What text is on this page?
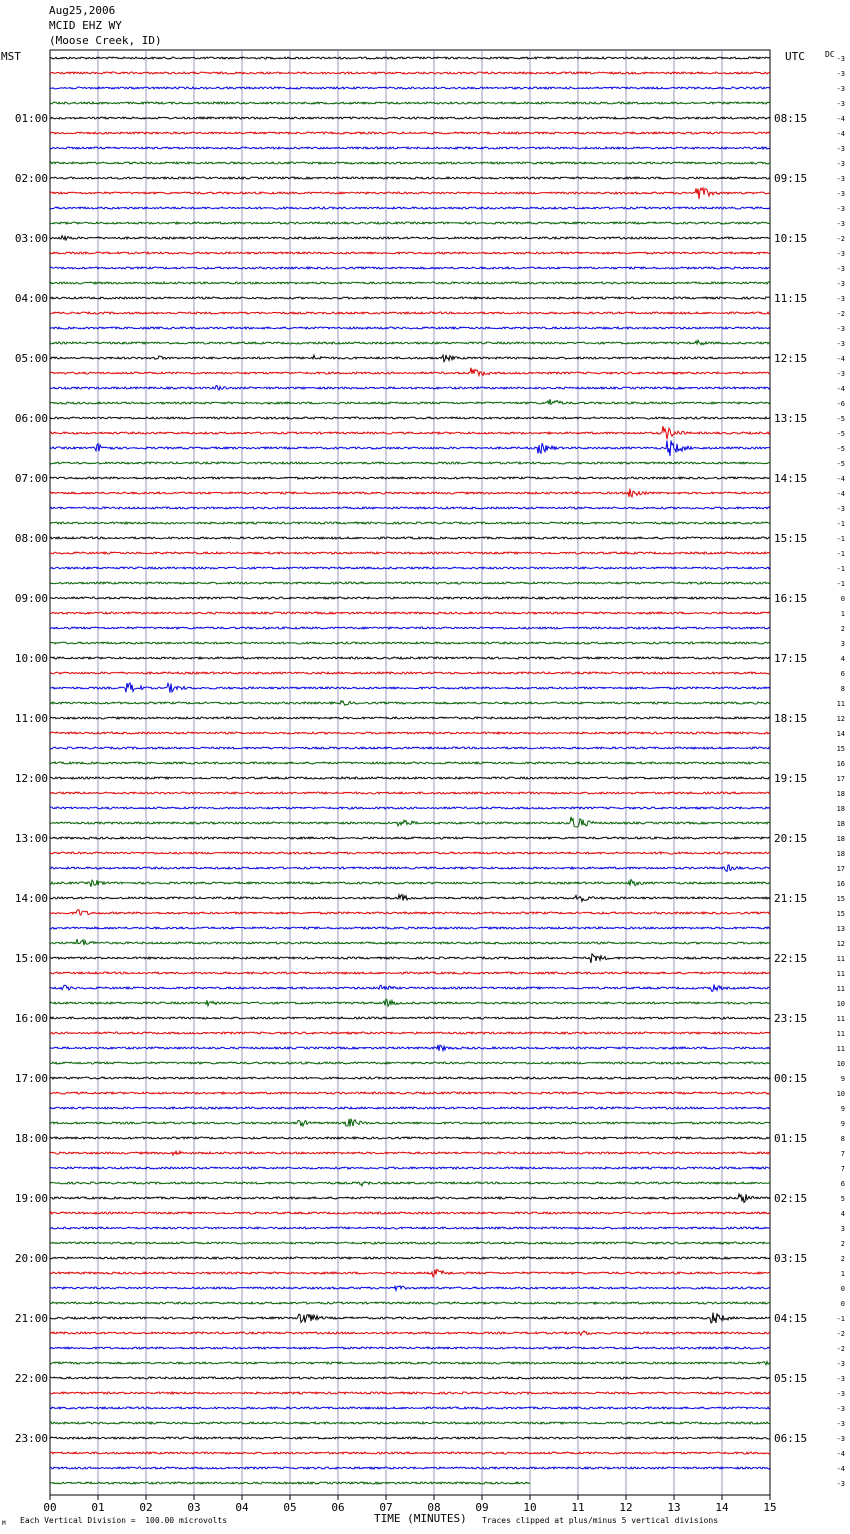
Aug25,2006
MCID EHZ WY
(Moose Creek, ID)
MST	UTC	DC
00	01	02	03	04	05	06	07	08	09	10	11	12	13	14	15
01:00
02:00
03:00
04:00
05:00
06:00
07:00
08:00
09:00
10:00
11:00
12:00
13:00
14:00
15:00
16:00
17:00
18:00
19:00
20:00
21:00
22:00
23:00
08:15
09:15
10:15
11:15
12:15
13:15
14:15
15:15
16:15
17:15
18:15
19:15
20:15
21:15
22:15
23:15
00:15
01:15
02:15
03:15
04:15
05:15
06:15
-3
-3
-3
-3
-4
-4
-3
-3
-3
-3
-3
-3
-2
-3
-3
-3
-3
-2
-3
-3
-4
-3
-4
-6
-5
-5
-5
-5
-4
-4
-3
-1
-1
-1
-1
-1
0
1
2
3
4
6
8
11
12
14
15
16
17
18
18
18
18
18
17
16
15
15
13
12
11
11
11
10
11
11
11
10
9
10
9
9
8
7
7
6
5
4
3
2
2
1
0
0
-1
-2
-2
-3
-3
-3
-3
-3
-3
-4
-4
-3
M Each Vertical Division =  100.00 microvolts	TIME (MINUTES) Traces clipped at plus/minus 5 vertical divisions
